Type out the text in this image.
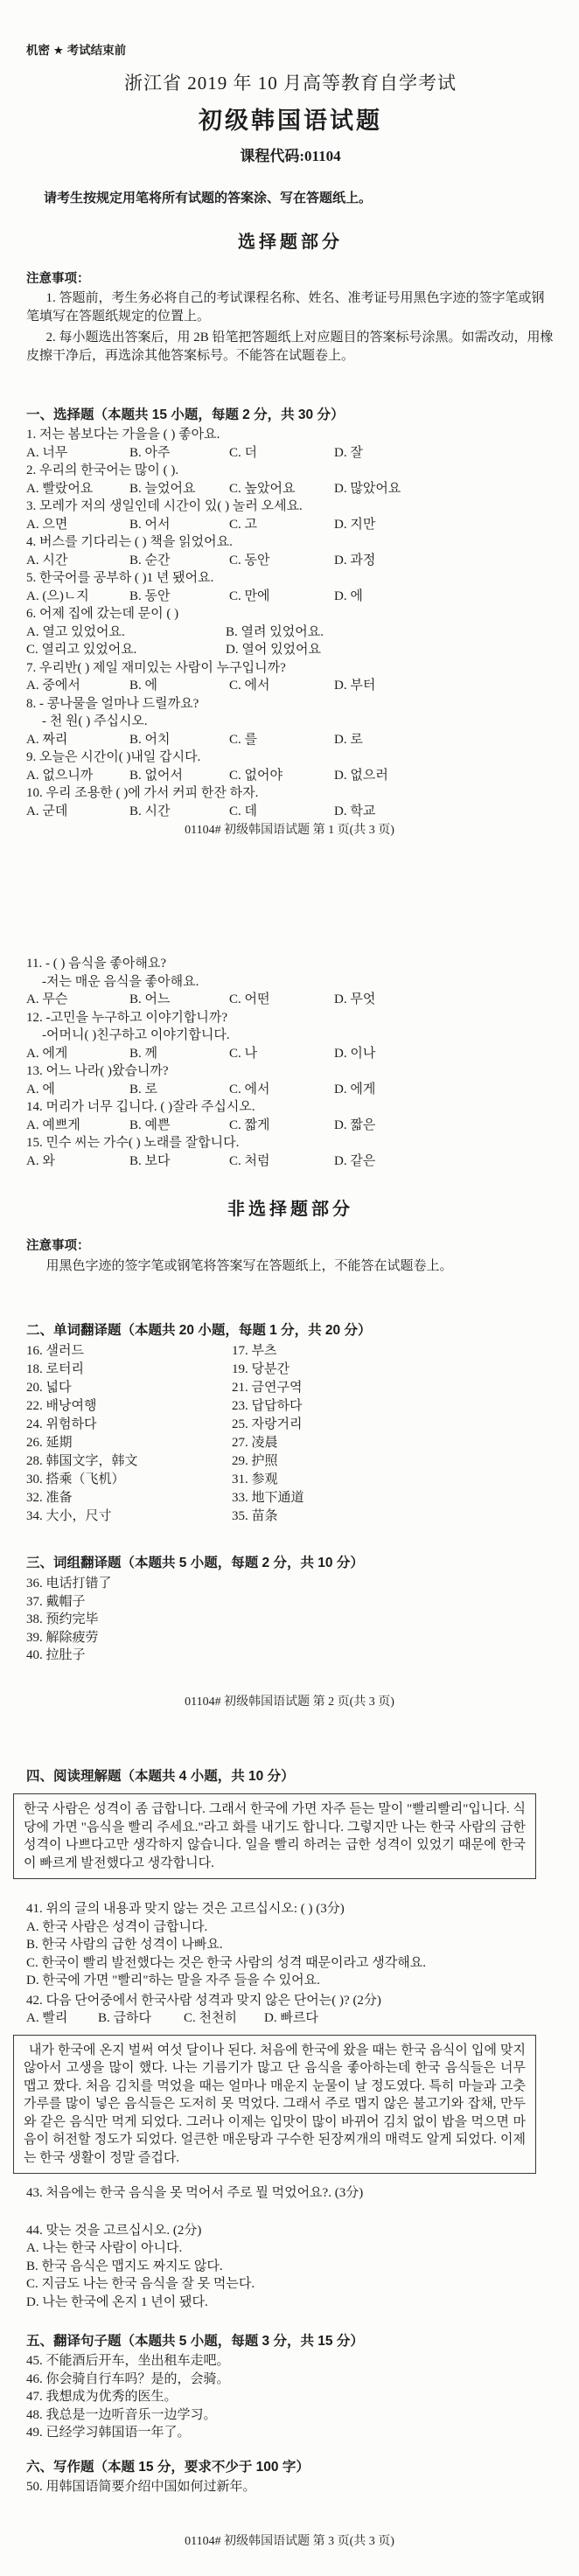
机密 ★ 考试结束前
浙江省 2019 年 10 月高等教育自学考试
初级韩国语试题
课程代码:01104
请考生按规定用笔将所有试题的答案涂、写在答题纸上。
选择题部分
注意事项：
1. 答题前，考生务必将自己的考试课程名称、姓名、准考证号用黑色字迹的签字笔或钢笔填写在答题纸规定的位置上。
2. 每小题选出答案后，用 2B 铅笔把答题纸上对应题目的答案标号涂黑。如需改动，用橡皮擦干净后，再选涂其他答案标号。不能答在试题卷上。
一、选择题（本题共 15 小题，每题 2 分，共 30 分）
1. 저는 봄보다는 가을을 ( ) 좋아요.
A. 너무	B. 아주	C. 더	D. 잘
2. 우리의 한국어는 많이 ( ).
A. 빨랐어요	B. 늘었어요	C. 높았어요	D. 많았어요
3. 모레가 저의 생일인데 시간이 있( ) 놀러 오세요.
A. 으면	B. 어서	C. 고	D. 지만
4. 버스를 기다리는 ( ) 책을 읽었어요.
A. 시간	B. 순간	C. 동안	D. 과정
5. 한국어를 공부하 ( )1 년 됐어요.
A. (으)ㄴ지	B. 동안	C. 만에	D. 에
6. 어제 집에 갔는데 문이 ( )
A. 열고 있었어요.	B. 열려 있었어요.
C. 열리고 있었어요.	D. 열어 있었어요
7. 우리반( ) 제일 재미있는 사람이 누구입니까?
A. 중에서	B. 에	C. 에서	D. 부터
8. - 콩나물을 얼마나 드릴까요?
- 천 원( ) 주십시오.
A. 짜리	B. 어치	C. 를	D. 로
9. 오늘은 시간이( )내일 갑시다.
A. 없으니까	B. 없어서	C. 없어야	D. 없으러
10. 우리 조용한 ( )에 가서 커피 한잔 하자.
A. 군데	B. 시간	C. 데	D. 학교
01104# 初级韩国语试题 第 1 页(共 3 页)
11. - ( ) 음식을 좋아해요?
-저는 매운 음식을 좋아해요.
A. 무슨	B. 어느	C. 어떤	D. 무엇
12. -고민을 누구하고 이야기합니까?
-어머니( )친구하고 이야기합니다.
A. 에게	B. 께	C. 나	D. 이나
13. 어느 나라( )왔습니까?
A. 에	B. 로	C. 에서	D. 에게
14. 머리가 너무 깁니다. ( )잘라 주십시오.
A. 예쁘게	B. 예쁜	C. 짧게	D. 짧은
15. 민수 씨는 가수( ) 노래를 잘합니다.
A. 와	B. 보다	C. 처럼	D. 같은
非选择题部分
注意事项：
用黑色字迹的签字笔或钢笔将答案写在答题纸上，不能答在试题卷上。
二、单词翻译题（本题共 20 小题，每题 1 分，共 20 分）
16. 샐러드	17. 부츠
18. 로터리	19. 당분간
20. 넓다	21. 금연구역
22. 배낭여행	23. 답답하다
24. 위험하다	25. 자랑거리
26. 延期	27. 凌晨
28. 韩国文字，韩文	29. 护照
30. 搭乘（飞机）	31. 参观
32. 准备	33. 地下通道
34. 大小，尺寸	35. 苗条
三、词组翻译题（本题共 5 小题，每题 2 分，共 10 分）
36. 电话打错了
37. 戴帽子
38. 预约完毕
39. 解除疲劳
40. 拉肚子
01104# 初级韩国语试题 第 2 页(共 3 页)
四、阅读理解题（本题共 4 小题，共 10 分）
한국 사람은 성격이 좀 급합니다. 그래서 한국에 가면 자주 듣는 말이 "빨리빨리"입니다. 식당에 가면 "음식을 빨리 주세요."라고 화를 내기도 합니다. 그렇지만 나는 한국 사람의 급한 성격이 나쁘다고만 생각하지 않습니다. 일을 빨리 하려는 급한 성격이 있었기 때문에 한국이 빠르게 발전했다고 생각합니다.
41. 위의 글의 내용과 맞지 않는 것은 고르십시오: ( ) (3分)
A. 한국 사람은 성격이 급합니다.
B. 한국 사람의 급한 성격이 나빠요.
C. 한국이 빨리 발전했다는 것은 한국 사람의 성격 때문이라고 생각해요.
D. 한국에 가면 "빨리"하는 말을 자주 들을 수 있어요.
42. 다음 단어중에서 한국사람 성격과 맞지 않은 단어는( )? (2分)
A. 빨리	B. 급하다	C. 천천히	D. 빠르다
내가 한국에 온지 벌써 여섯 달이나 된다. 처음에 한국에 왔을 때는 한국 음식이 입에 맞지 않아서 고생을 많이 했다. 나는 기름기가 많고 단 음식을 좋아하는데 한국 음식들은 너무 맵고 짰다. 처음 김치를 먹었을 때는 얼마나 매운지 눈물이 날 정도였다. 특히 마늘과 고춧가루를 많이 넣은 음식들은 도저히 못 먹었다. 그래서 주로 맵지 않은 불고기와 잡채, 만두와 같은 음식만 먹게 되었다. 그러나 이제는 입맛이 많이 바뀌어 김치 없이 밥을 먹으면 마음이 허전할 정도가 되었다. 얼큰한 매운탕과 구수한 된장찌개의 매력도 알게 되었다. 이제는 한국 생활이 정말 즐겁다.
43. 처음에는 한국 음식을 못 먹어서 주로 뭘 먹었어요?. (3分)
44. 맞는 것을 고르십시오. (2分)
A. 나는 한국 사람이 아니다.
B. 한국 음식은 맵지도 짜지도 않다.
C. 지금도 나는 한국 음식을 잘 못 먹는다.
D. 나는 한국에 온지 1 년이 됐다.
五、翻译句子题（本题共 5 小题，每题 3 分，共 15 分）
45. 不能酒后开车，坐出租车走吧。
46. 你会骑自行车吗？是的，会骑。
47. 我想成为优秀的医生。
48. 我总是一边听音乐一边学习。
49. 已经学习韩国语一年了。
六、写作题（本题 15 分，要求不少于 100 字）
50. 用韩国语简要介绍中国如何过新年。
01104# 初级韩国语试题 第 3 页(共 3 页)
